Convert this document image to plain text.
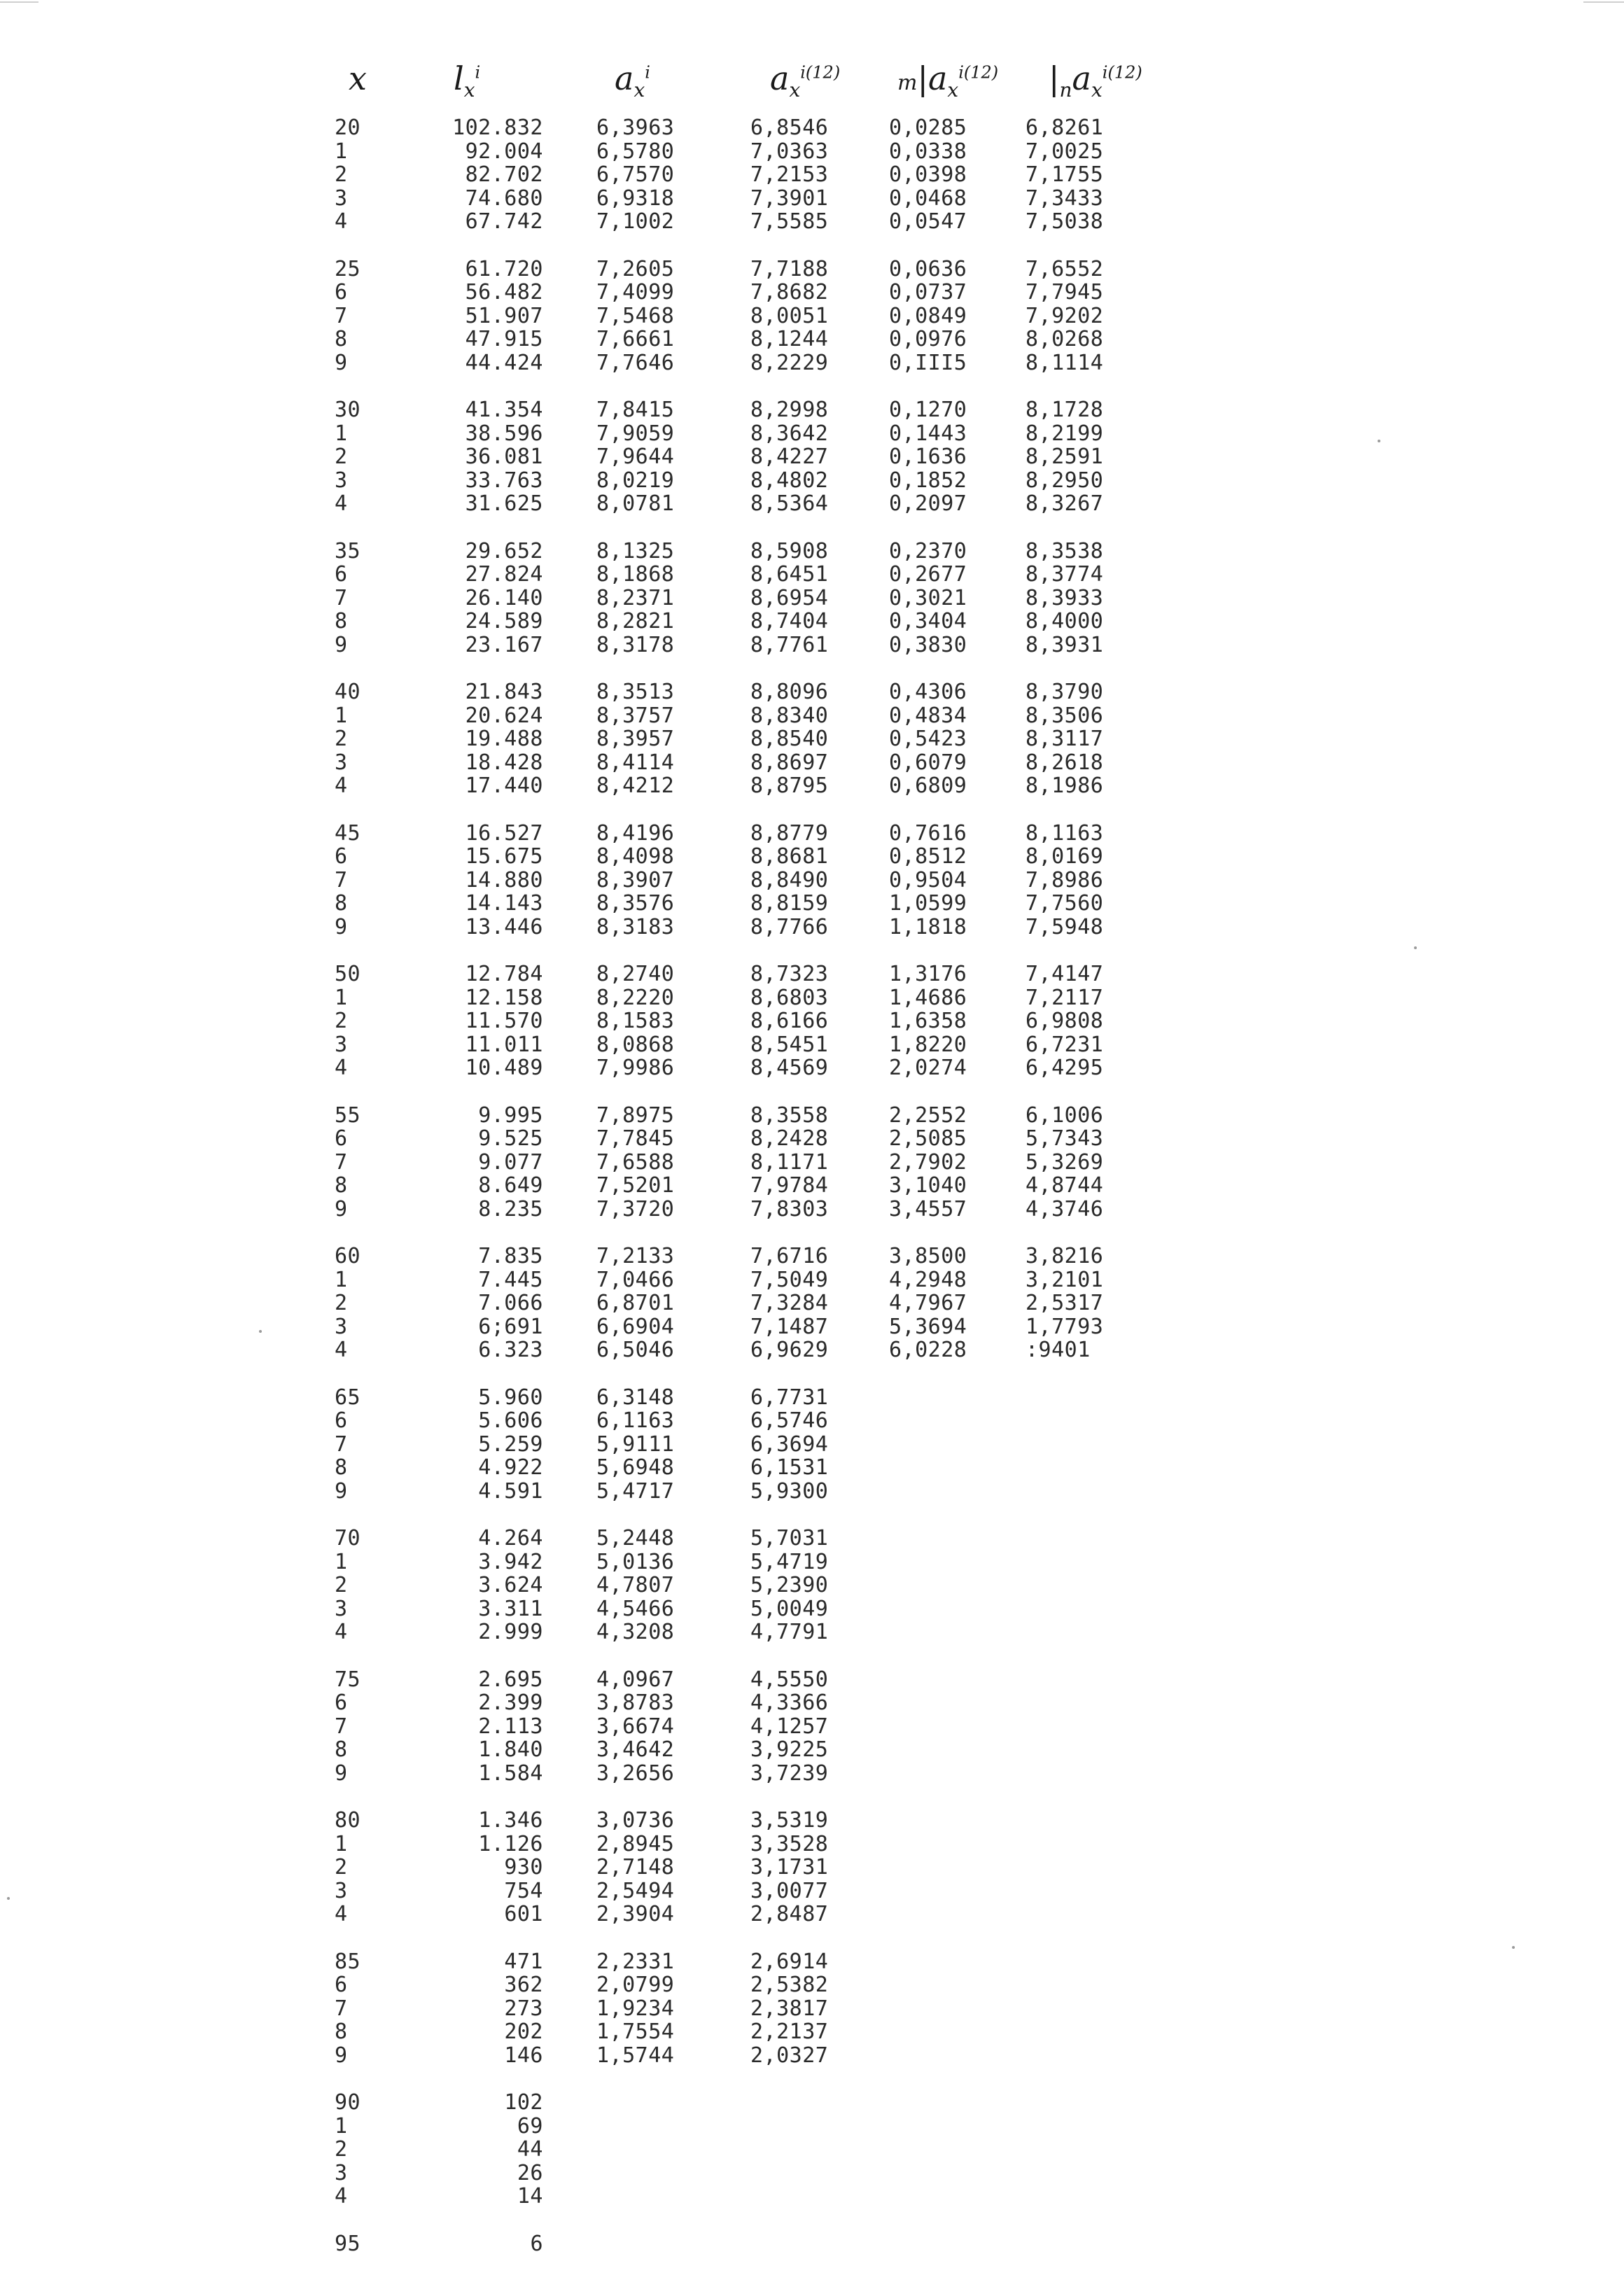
x	$l_x^i$	$a_x^i$	$a_x^{i(12)}$	$m|a_x^{i(12)}$ $|_na_x^{i(12)}$
20	102.832	6,3963	6,8546	0,0285	6,8261
1	92.004	6,5780	7,0363	0,0338	7,0025
2	82.702	6,7570	7,2153	0,0398	7,1755
3	74.680	6,9318	7,3901	0,0468	7,3433
4	67.742	7,1002	7,5585	0,0547	7,5038
25	61.720	7,2605	7,7188	0,0636	7,6552
6	56.482	7,4099	7,8682	0,0737	7,7945
7	51.907	7,5468	8,0051	0,0849	7,9202
8	47.915	7,6661	8,1244	0,0976	8,0268
9	44.424	7,7646	8,2229	0,III5	8,1114
30	41.354	7,8415	8,2998	0,1270	8,1728
1	38.596	7,9059	8,3642	0,1443	8,2199
2	36.081	7,9644	8,4227	0,1636	8,2591
3	33.763	8,0219	8,4802	0,1852	8,2950
4	31.625	8,0781	8,5364	0,2097	8,3267
35	29.652	8,1325	8,5908	0,2370	8,3538
6	27.824	8,1868	8,6451	0,2677	8,3774
7	26.140	8,2371	8,6954	0,3021	8,3933
8	24.589	8,2821	8,7404	0,3404	8,4000
9	23.167	8,3178	8,7761	0,3830	8,3931
40	21.843	8,3513	8,8096	0,4306	8,3790
1	20.624	8,3757	8,8340	0,4834	8,3506
2	19.488	8,3957	8,8540	0,5423	8,3117
3	18.428	8,4114	8,8697	0,6079	8,2618
4	17.440	8,4212	8,8795	0,6809	8,1986
45	16.527	8,4196	8,8779	0,7616	8,1163
6	15.675	8,4098	8,8681	0,8512	8,0169
7	14.880	8,3907	8,8490	0,9504	7,8986
8	14.143	8,3576	8,8159	1,0599	7,7560
9	13.446	8,3183	8,7766	1,1818	7,5948
50	12.784	8,2740	8,7323	1,3176	7,4147
1	12.158	8,2220	8,6803	1,4686	7,2117
2	11.570	8,1583	8,6166	1,6358	6,9808
3	11.011	8,0868	8,5451	1,8220	6,7231
4	10.489	7,9986	8,4569	2,0274	6,4295
55	9.995	7,8975	8,3558	2,2552	6,1006
6	9.525	7,7845	8,2428	2,5085	5,7343
7	9.077	7,6588	8,1171	2,7902	5,3269
8	8.649	7,5201	7,9784	3,1040	4,8744
9	8.235	7,3720	7,8303	3,4557	4,3746
60	7.835	7,2133	7,6716	3,8500	3,8216
1	7.445	7,0466	7,5049	4,2948	3,2101
2	7.066	6,8701	7,3284	4,7967	2,5317
3	6;691	6,6904	7,1487	5,3694	1,7793
4	6.323	6,5046	6,9629	6,0228	:9401
65	5.960	6,3148	6,7731
6	5.606	6,1163	6,5746
7	5.259	5,9111	6,3694
8	4.922	5,6948	6,1531
9	4.591	5,4717	5,9300
70	4.264	5,2448	5,7031
1	3.942	5,0136	5,4719
2	3.624	4,7807	5,2390
3	3.311	4,5466	5,0049
4	2.999	4,3208	4,7791
75	2.695	4,0967	4,5550
6	2.399	3,8783	4,3366
7	2.113	3,6674	4,1257
8	1.840	3,4642	3,9225
9	1.584	3,2656	3,7239
80	1.346	3,0736	3,5319
1	1.126	2,8945	3,3528
2	930	2,7148	3,1731
3	754	2,5494	3,0077
4	601	2,3904	2,8487
85	471	2,2331	2,6914
6	362	2,0799	2,5382
7	273	1,9234	2,3817
8	202	1,7554	2,2137
9	146	1,5744	2,0327
90	102
1	69
2	44
3	26
4	14
95	6
